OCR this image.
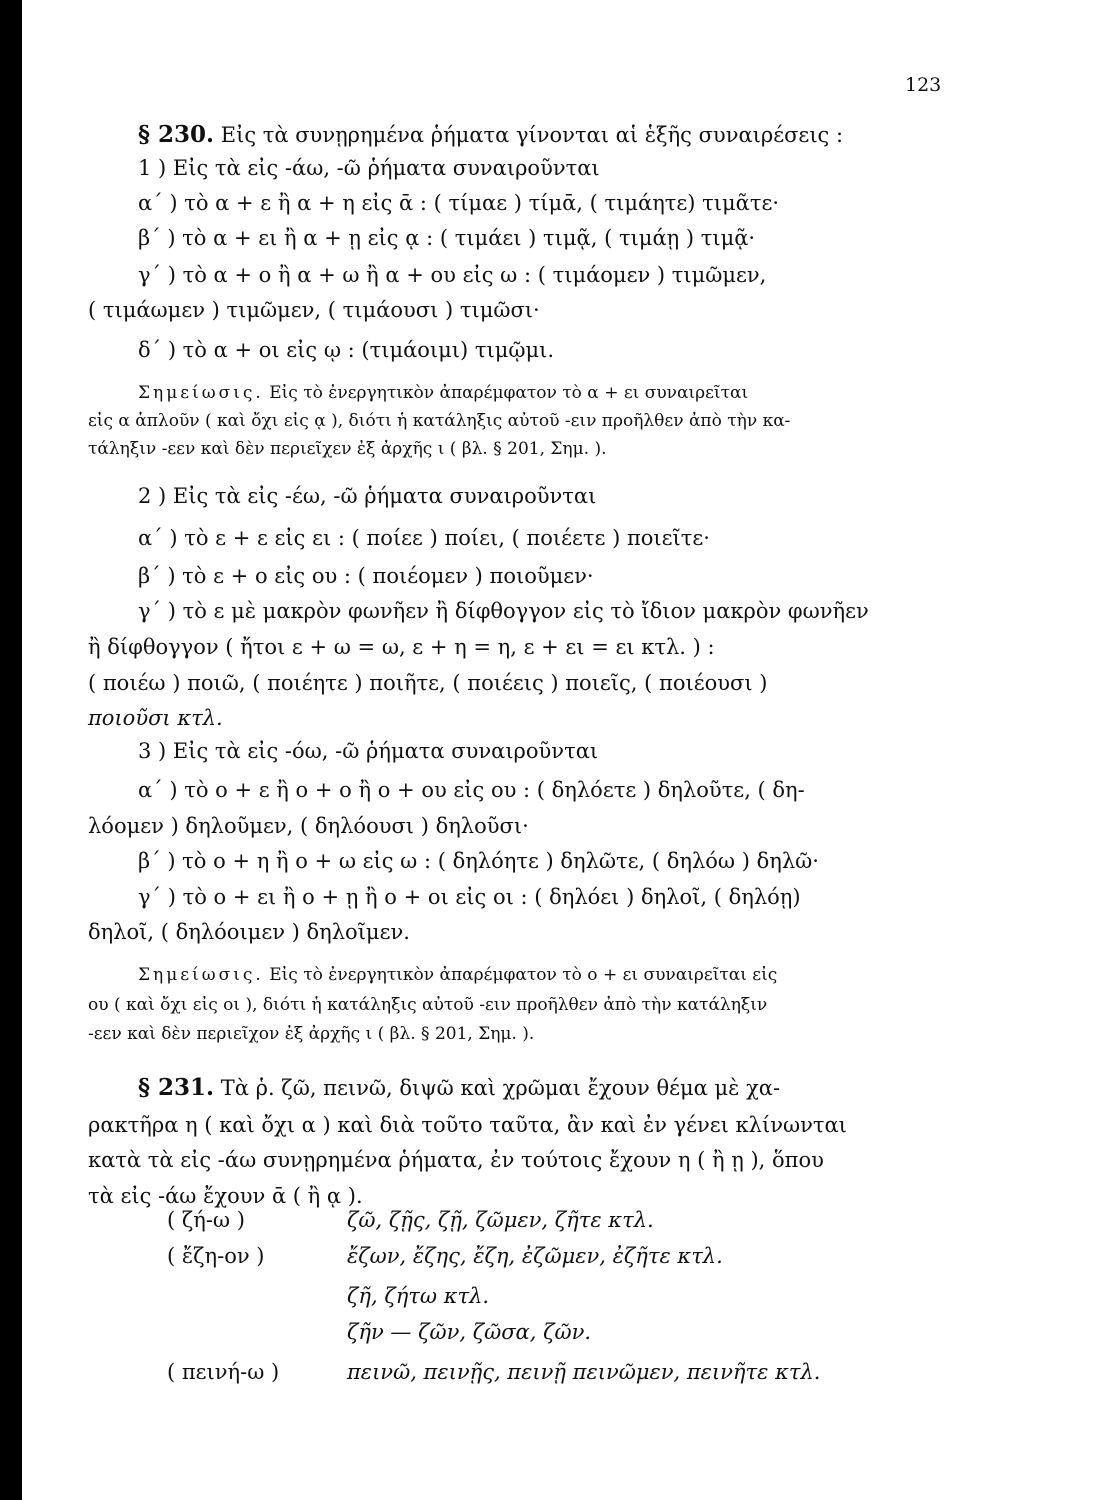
123
§ 230. Εἰς τὰ συνῃρημένα ῥήματα γίνονται αἱ ἑξῆς συναιρέσεις :
1 ) Εἰς τὰ εἰς -άω, -ῶ ῥήματα συναιροῦνται
α΄ ) τὸ α + ε ἢ α + η εἰς ᾱ : ( τίμαε ) τίμᾱ, ( τιμάητε) τιμᾶτε·
β΄ ) τὸ α + ει ἢ α + ῃ εἰς ᾳ : ( τιμάει ) τιμᾷ, ( τιμάῃ ) τιμᾷ·
γ΄ ) τὸ α + ο ἢ α + ω ἢ α + ου εἰς ω : ( τιμάομεν ) τιμῶμεν,
( τιμάωμεν ) τιμῶμεν, ( τιμάουσι ) τιμῶσι·
δ΄ ) τὸ α + οι εἰς ῳ : (τιμάοιμι) τιμῷμι.
Σημείωσις. Εἰς τὸ ἐνεργητικὸν ἀπαρέμφατον τὸ α + ει συναιρεῖται
εἰς α ἁπλοῦν ( καὶ ὄχι εἰς ᾳ ), διότι ἡ κατάληξις αὐτοῦ -ειν προῆλθεν ἀπὸ τὴν κα-
τάληξιν -εεν καὶ δὲν περιεῖχεν ἐξ ἀρχῆς ι ( βλ. § 201, Σημ. ).
2 ) Εἰς τὰ εἰς -έω, -ῶ ῥήματα συναιροῦνται
α΄ ) τὸ ε + ε εἰς ει : ( ποίεε ) ποίει, ( ποιέετε ) ποιεῖτε·
β΄ ) τὸ ε + ο εἰς ου : ( ποιέομεν ) ποιοῦμεν·
γ΄ ) τὸ ε μὲ μακρὸν φωνῆεν ἢ δίφθογγον εἰς τὸ ἴδιον μακρὸν φωνῆεν
ἢ δίφθογγον ( ἤτοι ε + ω = ω, ε + η = η, ε + ει = ει κτλ. ) :
( ποιέω ) ποιῶ, ( ποιέητε ) ποιῆτε, ( ποιέεις ) ποιεῖς, ( ποιέουσι )
ποιοῦσι κτλ.
3 ) Εἰς τὰ εἰς -όω, -ῶ ῥήματα συναιροῦνται
α΄ ) τὸ ο + ε ἢ ο + ο ἢ ο + ου εἰς ου : ( δηλόετε ) δηλοῦτε, ( δη-
λόομεν ) δηλοῦμεν, ( δηλόουσι ) δηλοῦσι·
β΄ ) τὸ ο + η ἢ ο + ω εἰς ω : ( δηλόητε ) δηλῶτε, ( δηλόω ) δηλῶ·
γ΄ ) τὸ ο + ει ἢ ο + ῃ ἢ ο + οι εἰς οι : ( δηλόει ) δηλοῖ, ( δηλόῃ)
δηλοῖ, ( δηλόοιμεν ) δηλοῖμεν.
Σημείωσις. Εἰς τὸ ἐνεργητικὸν ἀπαρέμφατον τὸ ο + ει συναιρεῖται εἰς
ου ( καὶ ὄχι εἰς οι ), διότι ἡ κατάληξις αὐτοῦ -ειν προῆλθεν ἀπὸ τὴν κατάληξιν
-εεν καὶ δὲν περιεῖχον ἐξ ἀρχῆς ι ( βλ. § 201, Σημ. ).
§ 231. Τὰ ῥ. ζῶ, πεινῶ, διψῶ καὶ χρῶμαι ἔχουν θέμα μὲ χα-
ρακτῆρα η ( καὶ ὄχι α ) καὶ διὰ τοῦτο ταῦτα, ἂν καὶ ἐν γένει κλίνωνται
κατὰ τὰ εἰς -άω συνῃρημένα ῥήματα, ἐν τούτοις ἔχουν η ( ἢ ῃ ), ὅπου
τὰ εἰς -άω ἔχουν ᾱ ( ἢ ᾳ ).
( ζή-ω )	ζῶ, ζῇς, ζῇ, ζῶμεν, ζῆτε κτλ.
( ἔζη-ον )	ἔζων, ἔζης, ἔζη, ἐζῶμεν, ἐζῆτε κτλ.
ζῆ, ζήτω κτλ.
ζῆν — ζῶν, ζῶσα, ζῶν.
( πεινή-ω )	πεινῶ, πεινῇς, πεινῇ πεινῶμεν, πεινῆτε κτλ.
